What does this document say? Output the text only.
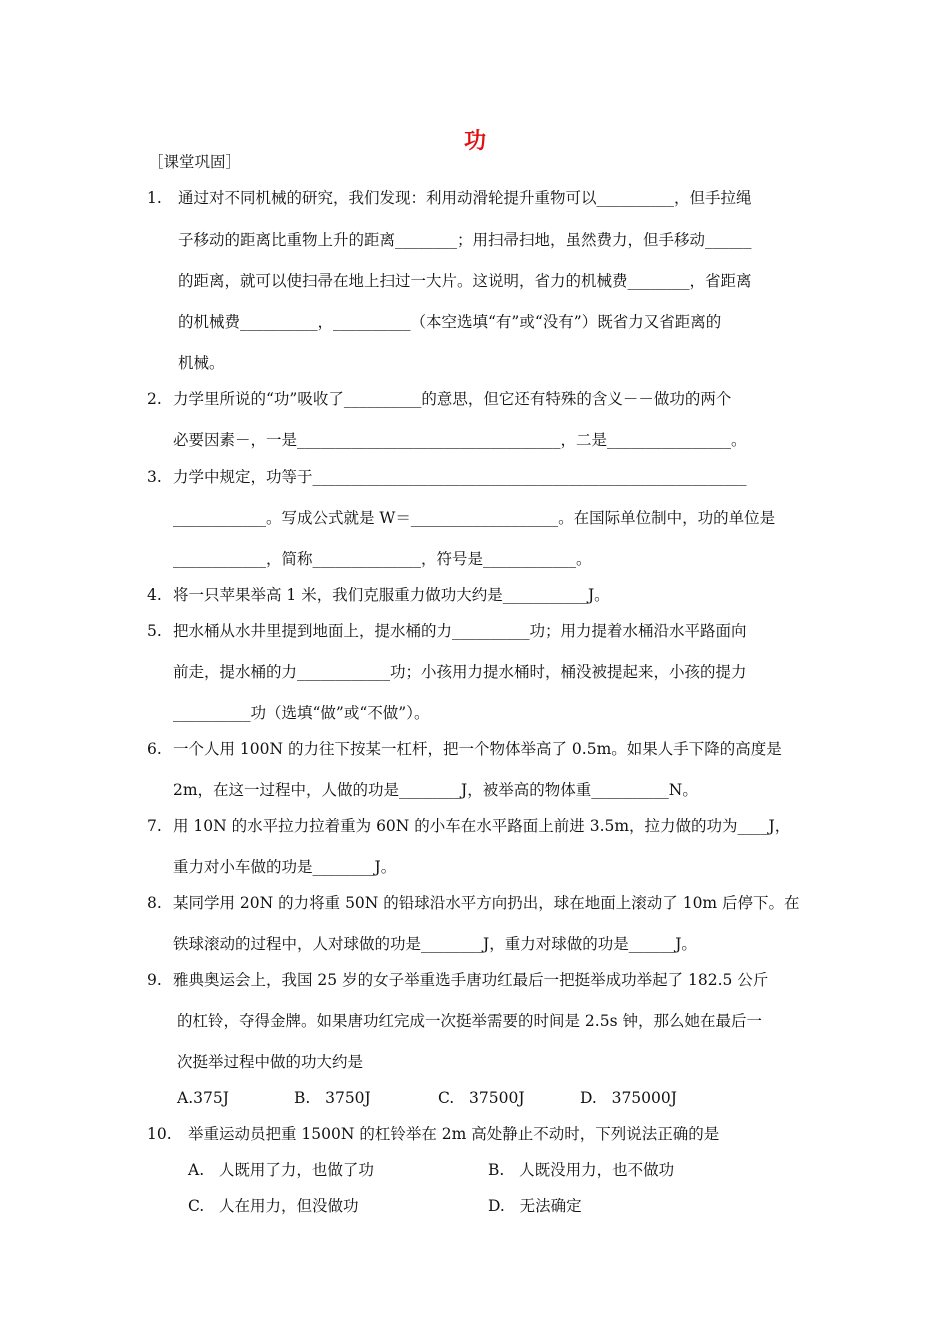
功
［课堂巩固］
1. 通过对不同机械的研究，我们发现：利用动滑轮提升重物可以__________，但手拉绳
子移动的距离比重物上升的距离________；用扫帚扫地，虽然费力，但手移动______
的距离，就可以使扫帚在地上扫过一大片。这说明，省力的机械费________，省距离
的机械费__________，__________（本空选填“有”或“没有”）既省力又省距离的
机械。
2. 力学里所说的“功”吸收了__________的意思，但它还有特殊的含义－－做功的两个
必要因素－，一是__________________________________，二是________________。
3. 力学中规定，功等于________________________________________________________
____________。写成公式就是 W＝___________________。在国际单位制中，功的单位是
____________，简称______________，符号是____________。
4. 将一只苹果举高 1 米，我们克服重力做功大约是___________J。
5. 把水桶从水井里提到地面上，提水桶的力__________功；用力提着水桶沿水平路面向
前走，提水桶的力____________功；小孩用力提水桶时，桶没被提起来，小孩的提力
__________功（选填“做”或“不做”）。
6. 一个人用 100N 的力往下按某一杠杆，把一个物体举高了 0.5m。如果人手下降的高度是
2m，在这一过程中，人做的功是________J，被举高的物体重__________N。
7. 用 10N 的水平拉力拉着重为 60N 的小车在水平路面上前进 3.5m，拉力做的功为____J，
重力对小车做的功是________J。
8. 某同学用 20N 的力将重 50N 的铅球沿水平方向扔出，球在地面上滚动了 10m 后停下。在
铁球滚动的过程中，人对球做的功是________J，重力对球做的功是______J。
9. 雅典奥运会上，我国 25 岁的女子举重选手唐功红最后一把挺举成功举起了 182.5 公斤
的杠铃，夺得金牌。如果唐功红完成一次挺举需要的时间是 2.5s 钟，那么她在最后一
次挺举过程中做的功大约是
A.375J	B.   3750J	C.   37500J	D.   375000J
10. 举重运动员把重 1500N 的杠铃举在 2m 高处静止不动时，下列说法正确的是
A.   人既用了力，也做了功	B.   人既没用力，也不做功
C.   人在用力，但没做功	D.   无法确定
